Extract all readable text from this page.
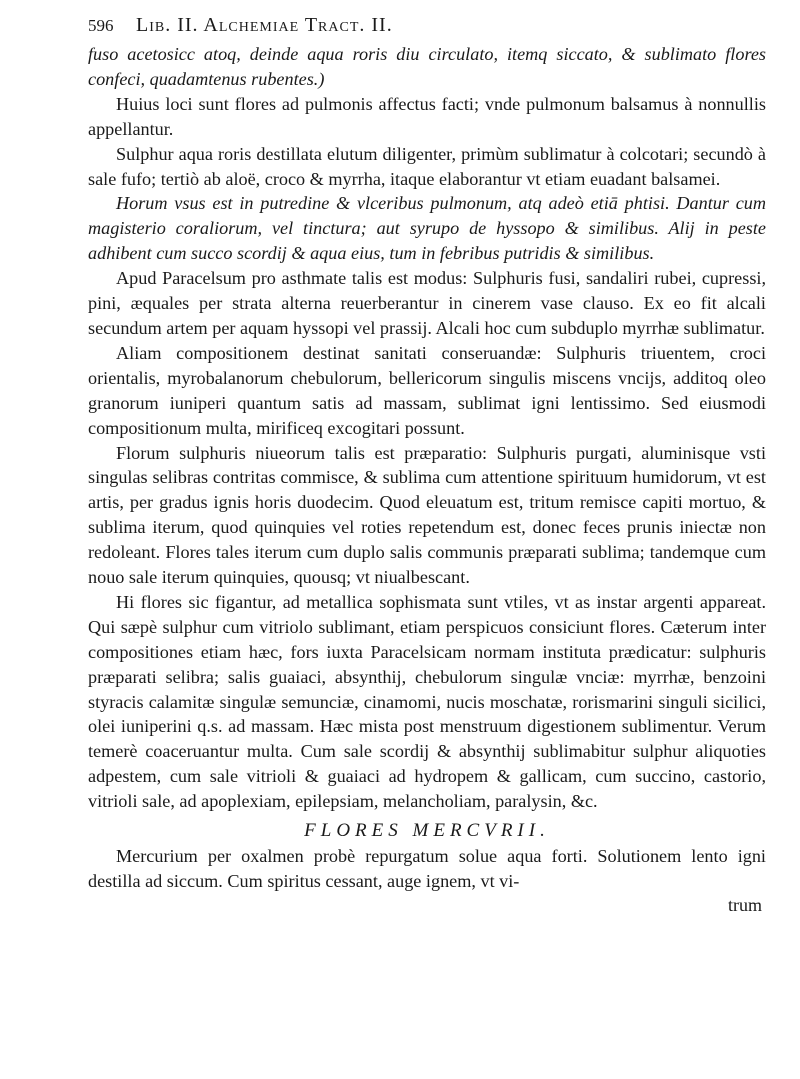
596	Lib. II. Alchemiae Tract. II.

fuso acetosicc atoq, deinde aqua roris diu circulato, itemq siccato, & sublimato flores confeci, quadamtenus rubentes.)

Huius loci sunt flores ad pulmonis affectus facti; vnde pulmonum balsamus à nonnullis appellantur.

Sulphur aqua roris destillata elutum diligenter, primùm sublimatur à colcotari; secundò à sale fufo; tertiò ab aloë, croco & myrrha, itaque elaborantur vt etiam euadant balsamei.

Horum vsus est in putredine & vlceribus pulmonum, atq adeò etiā phtisi. Dantur cum magisterio coraliorum, vel tinctura; aut syrupo de hyssopo & similibus. Alij in peste adhibent cum succo scordij & aqua eius, tum in febribus putridis & similibus.

Apud Paracelsum pro asthmate talis est modus: Sulphuris fusi, sandaliri rubei, cupressi, pini, æquales per strata alterna reuerberantur in cinerem vase clauso. Ex eo fit alcali secundum artem per aquam hyssopi vel prassij. Alcali hoc cum subduplo myrrhæ sublimatur.

Aliam compositionem destinat sanitati conseruandæ: Sulphuris triuentem, croci orientalis, myrobalanorum chebulorum, bellericorum singulis miscens vncijs, additoq oleo granorum iuniperi quantum satis ad massam, sublimat igni lentissimo. Sed eiusmodi compositionum multa, mirificeq excogitari possunt.

Florum sulphuris niueorum talis est præparatio: Sulphuris purgati, aluminisque vsti singulas selibras contritas commisce, & sublima cum attentione spirituum humidorum, vt est artis, per gradus ignis horis duodecim. Quod eleuatum est, tritum remisce capiti mortuo, & sublima iterum, quod quinquies vel roties repetendum est, donec feces prunis iniectæ non redoleant. Flores tales iterum cum duplo salis communis præparati sublima; tandemque cum nouo sale iterum quinquies, quousq; vt niualbescant.

Hi flores sic figantur, ad metallica sophismata sunt vtiles, vt as instar argenti appareat. Qui sæpè sulphur cum vitriolo sublimant, etiam perspicuos consiciunt flores. Cæterum inter compositiones etiam hæc, fors iuxta Paracelsicam normam instituta prædicatur: sulphuris præparati selibra; salis guaiaci, absynthij, chebulorum singulæ vnciæ: myrrhæ, benzoini styracis calamitæ singulæ semunciæ, cinamomi, nucis moschatæ, rorismarini singuli sicilici, olei iuniperini q.s. ad massam. Hæc mista post menstruum digestionem sublimentur. Verum temerè coaceruantur multa. Cum sale scordij & absynthij sublimabitur sulphur aliquoties adpestem, cum sale vitrioli & guaiaci ad hydropem & gallicam, cum succino, castorio, vitrioli sale, ad apoplexiam, epilepsiam, melancholiam, paralysin, &c.

FLORES MERCVRII.

Mercurium per oxalmen probè repurgatum solue aqua forti. Solutionem lento igni destilla ad siccum. Cum spiritus cessant, auge ignem, vt vi-

trum
